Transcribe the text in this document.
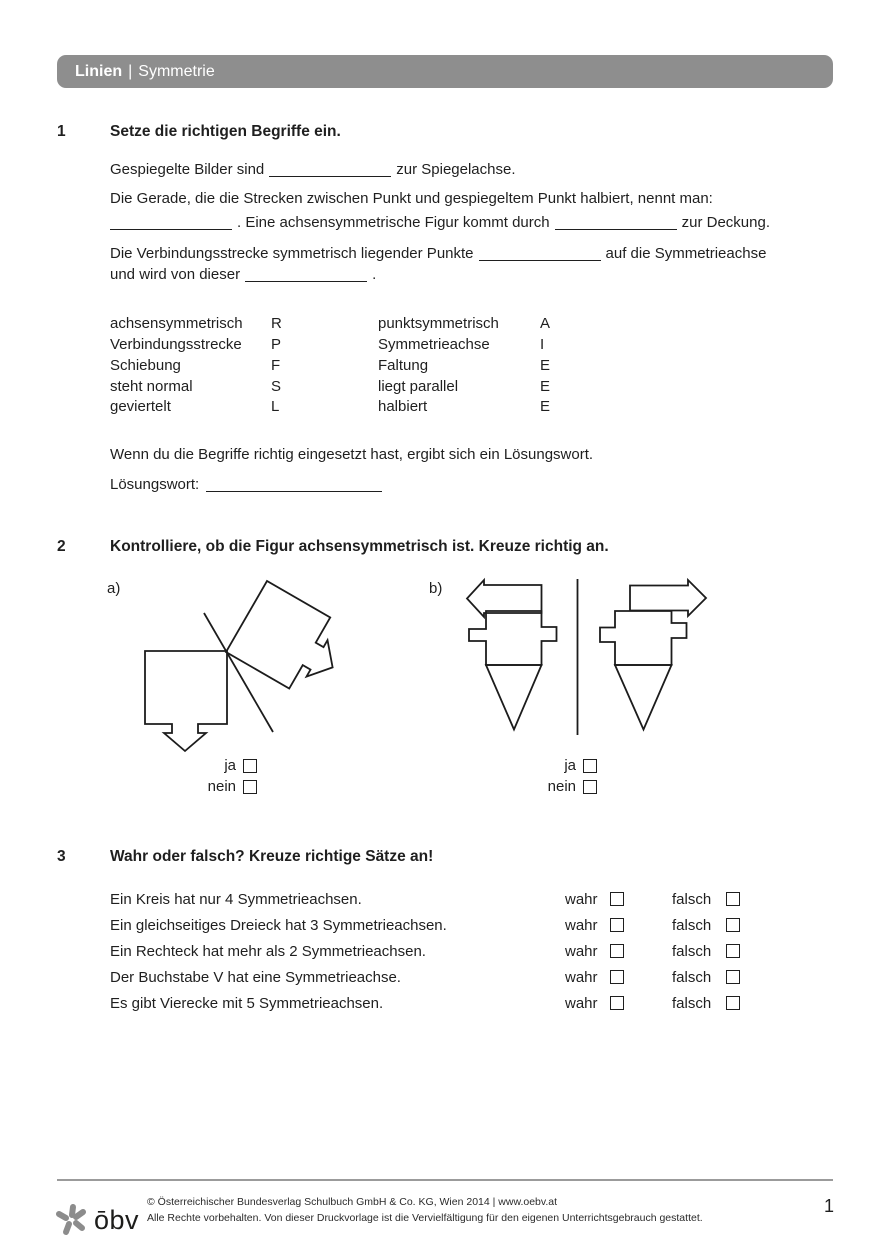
Linien | Symmetrie
1	Setze die richtigen Begriffe ein.
Gespiegelte Bilder sind	zur Spiegelachse.
Die Gerade, die die Strecken zwischen Punkt und gespiegeltem Punkt halbiert, nennt man:
. Eine achsensymmetrische Figur kommt durch	zur Deckung.
Die Verbindungsstrecke symmetrisch liegender Punkte	auf die Symmetrieachse
und wird von dieser	.
achsensymmetrisch R	punktsymmetrisch	A
Verbindungsstrecke P	Symmetrieachse	I
Schiebung	F	Faltung	E
steht normal	S	liegt parallel	E
geviertelt	L	halbiert	E
Wenn du die Begriffe richtig eingesetzt hast, ergibt sich ein Lösungswort.
Lösungswort:
2	Kontrolliere, ob die Figur achsensymmetrisch ist. Kreuze richtig an.
a)	b)
ja
nein
ja
nein
3	Wahr oder falsch? Kreuze richtige Sätze an!
Ein Kreis hat nur 4 Symmetrieachsen.	wahr	falsch
Ein gleichseitiges Dreieck hat 3 Symmetrieachsen.	wahr	falsch
Ein Rechteck hat mehr als 2 Symmetrieachsen.	wahr	falsch
Der Buchstabe V hat eine Symmetrieachse.	wahr	falsch
Es gibt Vierecke mit 5 Symmetrieachsen.	wahr	falsch
ōbv
© Österreichischer Bundesverlag Schulbuch GmbH & Co. KG, Wien 2014 | www.oebv.at
Alle Rechte vorbehalten. Von dieser Druckvorlage ist die Vervielfältigung für den eigenen Unterrichtsgebrauch gestattet.
1
